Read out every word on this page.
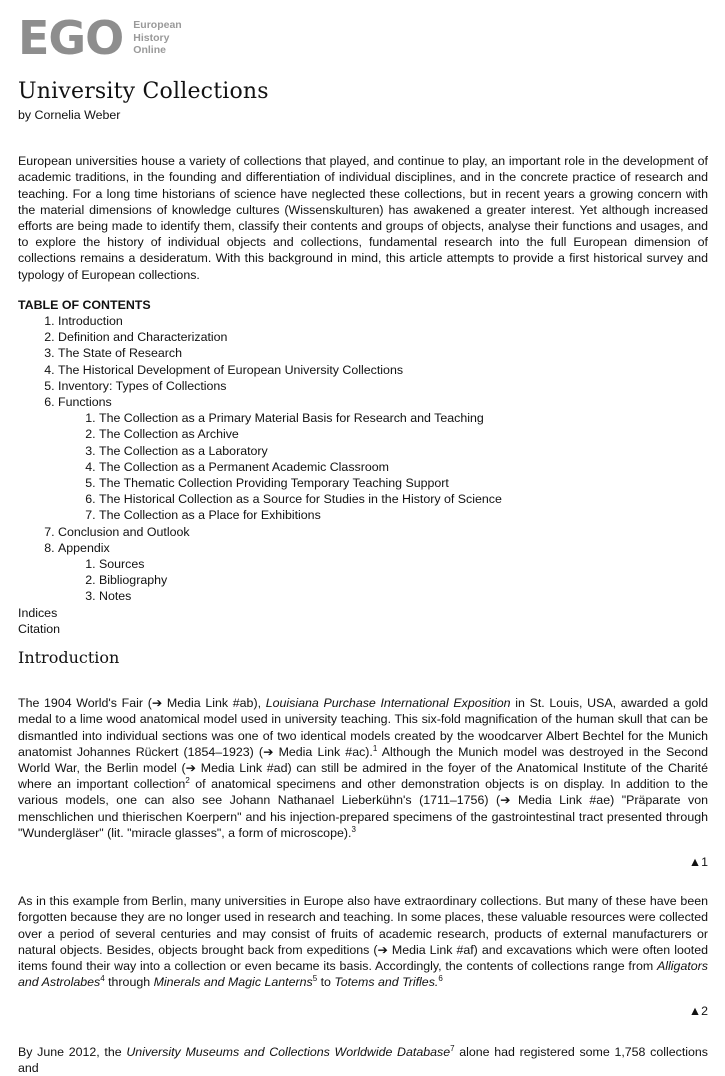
EGO European
History
Online
University Collections
by Cornelia Weber

European universities house a variety of collections that played, and continue to play, an important role in the development of academic traditions, in the founding and differentiation of individual disciplines, and in the concrete practice of research and teaching. For a long time historians of science have neglected these collections, but in recent years a growing concern with the material dimensions of knowledge cultures (Wissenskulturen) has awakened a greater interest. Yet although increased efforts are being made to identify them, classify their contents and groups of objects, analyse their functions and usages, and to explore the history of individual objects and collections, fundamental research into the full European dimension of collections remains a desideratum. With this background in mind, this article attempts to provide a first historical survey and typology of European collections.

TABLE OF CONTENTS
1. Introduction
2. Definition and Characterization
3. The State of Research
4. The Historical Development of European University Collections
5. Inventory: Types of Collections
6. Functions
1. The Collection as a Primary Material Basis for Research and Teaching
2. The Collection as Archive
3. The Collection as a Laboratory
4. The Collection as a Permanent Academic Classroom
5. The Thematic Collection Providing Temporary Teaching Support
6. The Historical Collection as a Source for Studies in the History of Science
7. The Collection as a Place for Exhibitions
7. Conclusion and Outlook
8. Appendix
1. Sources
2. Bibliography
3. Notes
Indices
Citation
Introduction

The 1904 World's Fair (➔ Media Link #ab), Louisiana Purchase International Exposition in St. Louis, USA, awarded a gold medal to a lime wood anatomical model used in university teaching. This six-fold magnification of the human skull that can be dismantled into individual sections was one of two identical models created by the woodcarver Albert Bechtel for the Munich anatomist Johannes Rückert (1854–1923) (➔ Media Link #ac).$^1$ Although the Munich model was destroyed in the Second World War, the Berlin model (➔ Media Link #ad) can still be admired in the foyer of the Anatomical Institute of the Charité where an important collection$^2$ of anatomical specimens and other demonstration objects is on display. In addition to the various models, one can also see Johann Nathanael Lieberkühn's (1711–1756) (➔ Media Link #ae) "Präparate von menschlichen und thierischen Koerpern" and his injection-prepared specimens of the gastrointestinal tract presented through "Wundergläser" (lit. "miracle glasses", a form of microscope).$^3$

▲1

As in this example from Berlin, many universities in Europe also have extraordinary collections. But many of these have been forgotten because they are no longer used in research and teaching. In some places, these valuable resources were collected over a period of several centuries and may consist of fruits of academic research, products of external manufacturers or natural objects. Besides, objects brought back from expeditions (➔ Media Link #af) and excavations which were often looted items found their way into a collection or even became its basis. Accordingly, the contents of collections range from Alligators and Astrolabes$^4$ through Minerals and Magic Lanterns$^5$ to Totems and Trifles.$^6$

▲2

By June 2012, the University Museums and Collections Worldwide Database$^7$ alone had registered some 1,758 collections and
